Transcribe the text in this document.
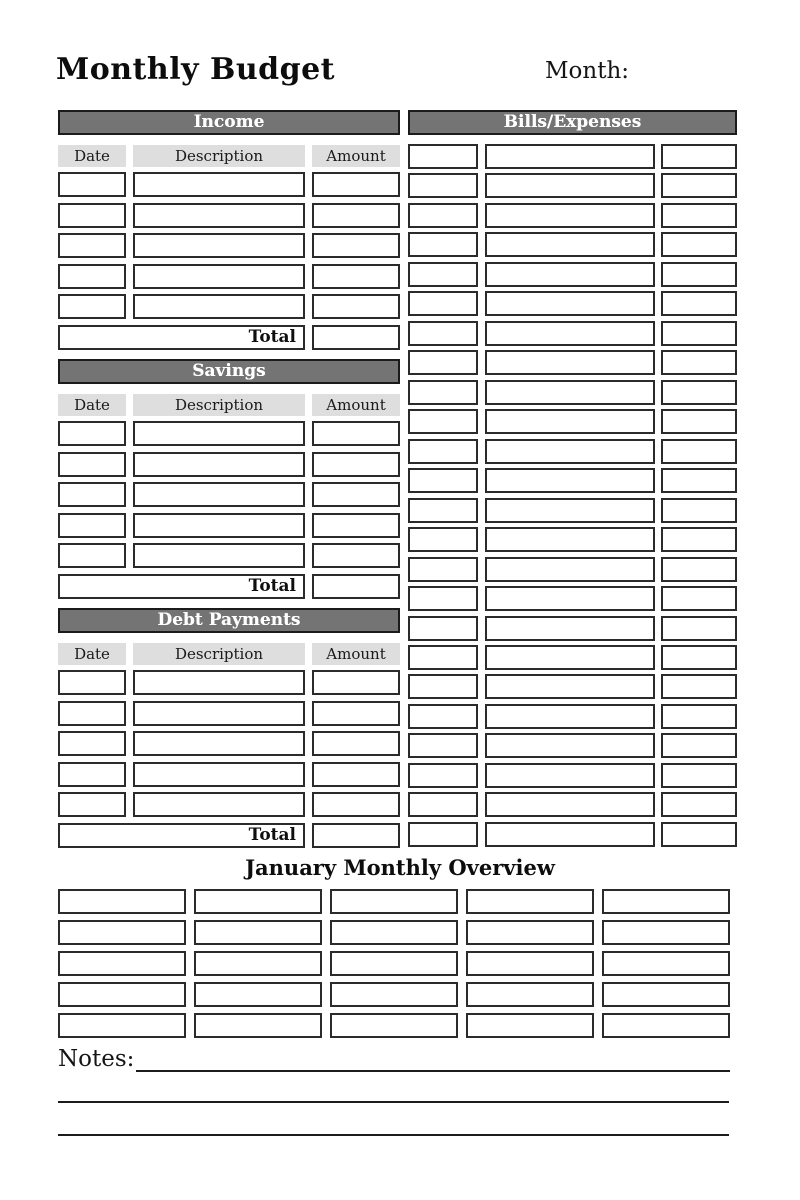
Monthly Budget	Month:
Income
Date	Description	Amount
Total
Savings
Date	Description	Amount
Total
Debt Payments
Date	Description	Amount
Total
Bills/Expenses
January Monthly Overview
Notes:
